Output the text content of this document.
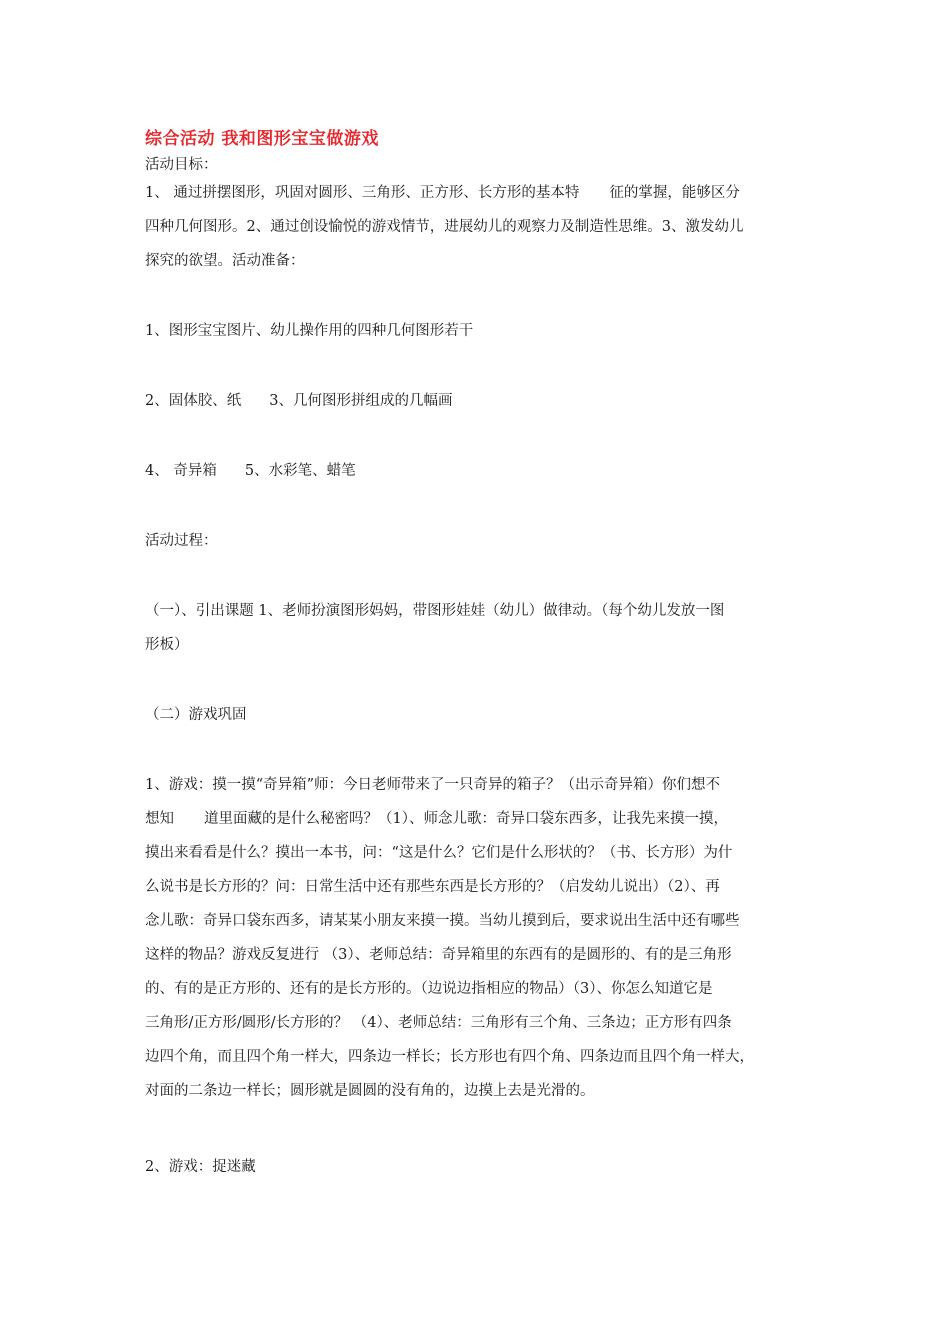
综合活动 我和图形宝宝做游戏
活动目标：
1、 通过拼摆图形，巩固对圆形、三角形、正方形、长方形的基本特 征的掌握，能够区分
四种几何图形。2、通过创设愉悦的游戏情节，进展幼儿的观察力及制造性思维。3、激发幼儿
探究的欲望。活动准备：
1、图形宝宝图片、幼儿操作用的四种几何图形若干
2、固体胶、纸 3、几何图形拼组成的几幅画
4、 奇异箱 5、水彩笔、蜡笔
活动过程：
（一）、引出课题 1、老师扮演图形妈妈，带图形娃娃（幼儿）做律动。（每个幼儿发放一图
形板）
（二）游戏巩固
1、游戏：摸一摸“奇异箱”师：今日老师带来了一只奇异的箱子？（出示奇异箱）你们想不
想知 道里面藏的是什么秘密吗？（1）、师念儿歌：奇异口袋东西多，让我先来摸一摸，
摸出来看看是什么？摸出一本书，问：“这是什么？它们是什么形状的？（书、长方形）为什
么说书是长方形的？问：日常生活中还有那些东西是长方形的？（启发幼儿说出）（2）、再
念儿歌：奇异口袋东西多，请某某小朋友来摸一摸。当幼儿摸到后，要求说出生活中还有哪些
这样的物品？游戏反复进行 （3）、老师总结：奇异箱里的东西有的是圆形的、有的是三角形
的、有的是正方形的、还有的是长方形的。（边说边指相应的物品）（3）、你怎么知道它是
三角形/正方形/圆形/长方形的？ （4）、老师总结：三角形有三个角、三条边；正方形有四条
边四个角，而且四个角一样大，四条边一样长；长方形也有四个角、四条边而且四个角一样大，
对面的二条边一样长；圆形就是圆圆的没有角的，边摸上去是光滑的。
2、游戏：捉迷藏
